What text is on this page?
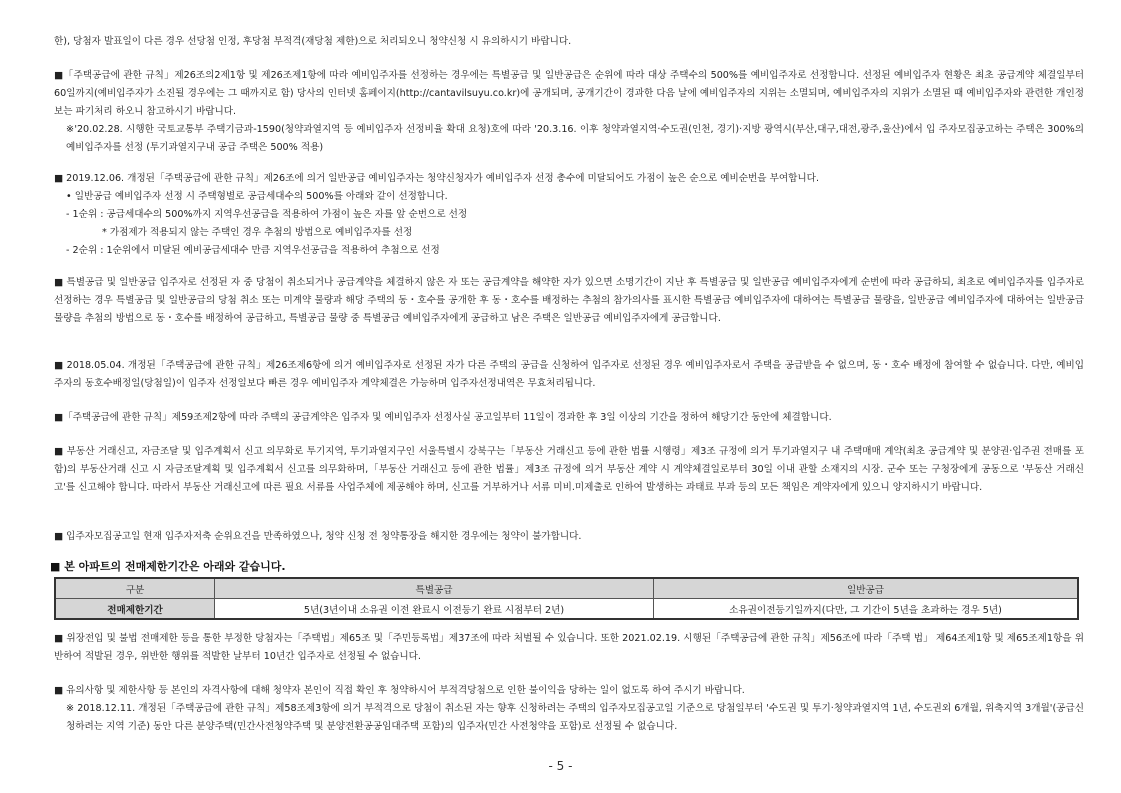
한), 당첨자 발표일이 다른 경우 선당첨 인정, 후당첨 부적격(재당첨 제한)으로 처리되오니 청약신청 시 유의하시기 바랍니다.

■「주택공급에 관한 규칙」제26조의2제1항 및 제26조제1항에 따라 예비입주자를 선정하는 경우에는 특별공급 및 일반공급은 순위에 따라 대상 주택수의 500%를 예비입주자로 선정합니다. 선정된 예비입주자 현황은 최초 공급계약 체결일부터 60일까지(예비입주자가 소진될 경우에는 그 때까지로 함) 당사의 인터넷 홈페이지(http://cantavilsuyu.co.kr)에 공개되며, 공개기간이 경과한 다음 날에 예비입주자의 지위는 소멸되며, 예비입주자의 지위가 소멸된 때 예비입주자와 관련한 개인정보는 파기처리 하오니 참고하시기 바랍니다.

※'20.02.28. 시행한 국토교통부 주택기금과-1590(청약과열지역 등 예비입주자 선정비율 확대 요청)호에 따라 '20.3.16. 이후 청약과열지역·수도권(인천, 경기)·지방 광역시(부산,대구,대전,광주,울산)에서 입 주자모집공고하는 주택은 300%의 예비입주자를 선정 (투기과열지구내 공급 주택은 500% 적용)

■ 2019.12.06. 개정된「주택공급에 관한 규칙」제26조에 의거 일반공급 예비입주자는 청약신청자가 예비입주자 선정 총수에 미달되어도 가점이 높은 순으로 예비순번을 부여합니다.

• 일반공급 예비입주자 선정 시 주택형별로 공급세대수의 500%를 아래와 같이 선정합니다.

- 1순위 : 공급세대수의 500%까지 지역우선공급을 적용하여 가점이 높은 자를 앞 순번으로 선정

* 가점제가 적용되지 않는 주택인 경우 추첨의 방법으로 예비입주자를 선정

- 2순위 : 1순위에서 미달된 예비공급세대수 만큼 지역우선공급을 적용하여 추첨으로 선정

■ 특별공급 및 일반공급 입주자로 선정된 자 중 당첨이 취소되거나 공급계약을 체결하지 않은 자 또는 공급계약을 해약한 자가 있으면 소명기간이 지난 후 특별공급 및 일반공급 예비입주자에게 순번에 따라 공급하되, 최초로 예비입주자를 입주자로 선정하는 경우 특별공급 및 일반공급의 당첨 취소 또는 미계약 물량과 해당 주택의 동・호수를 공개한 후 동・호수를 배정하는 추첨의 참가의사를 표시한 특별공급 예비입주자에 대하여는 특별공급 물량을, 일반공급 예비입주자에 대하여는 일반공급 물량을 추첨의 방법으로 동・호수를 배정하여 공급하고, 특별공급 물량 중 특별공급 예비입주자에게 공급하고 남은 주택은 일반공급 예비입주자에게 공급합니다.

■ 2018.05.04. 개정된「주택공급에 관한 규칙」제26조제6항에 의거 예비입주자로 선정된 자가 다른 주택의 공급을 신청하여 입주자로 선정된 경우 예비입주자로서 주택을 공급받을 수 없으며, 동・호수 배정에 참여할 수 없습니다. 다만, 예비입주자의 동호수배정일(당첨일)이 입주자 선정일보다 빠른 경우 예비입주자 계약체결은 가능하며 입주자선정내역은 무효처리됩니다.

■「주택공급에 관한 규칙」제59조제2항에 따라 주택의 공급계약은 입주자 및 예비입주자 선정사실 공고일부터 11일이 경과한 후 3일 이상의 기간을 정하여 해당기간 동안에 체결합니다.

■ 부동산 거래신고, 자금조달 및 입주계획서 신고 의무화로 투기지역, 투기과열지구인 서울특별시 강북구는「부동산 거래신고 등에 관한 법률 시행령」제3조 규정에 의거 투기과열지구 내 주택매매 계약(최초 공급계약 및 분양권·입주권 전매를 포함)의 부동산거래 신고 시 자금조달계획 및 입주계획서 신고를 의무화하며,「부동산 거래신고 등에 관한 법률」제3조 규정에 의거 부동산 계약 시 계약체결일로부터 30일 이내 관할 소재지의 시장. 군수 또는 구청장에게 공동으로 '부동산 거래신고'를 신고해야 합니다. 따라서 부동산 거래신고에 따른 필요 서류를 사업주체에 제공해야 하며, 신고를 거부하거나 서류 미비.미제출로 인하여 발생하는 과태료 부과 등의 모든 책임은 계약자에게 있으니 양지하시기 바랍니다.

■ 입주자모집공고일 현재 입주자저축 순위요건을 만족하였으나, 청약 신청 전 청약통장을 해지한 경우에는 청약이 불가합니다.

■ 본 아파트의 전매제한기간은 아래와 같습니다.
구분	특별공급	일반공급
전매제한기간	5년(3년이내 소유권 이전 완료시 이전등기 완료 시점부터 2년)	소유권이전등기일까지(다만, 그 기간이 5년을 초과하는 경우 5년)

■ 위장전입 및 불법 전매제한 등을 통한 부정한 당첨자는「주택법」제65조 및「주민등록법」제37조에 따라 처벌될 수 있습니다. 또한 2021.02.19. 시행된「주택공급에 관한 규칙」제56조에 따라「주택 법」 제64조제1항 및 제65조제1항을 위반하여 적발된 경우, 위반한 행위를 적발한 날부터 10년간 입주자로 선정될 수 없습니다.

■ 유의사항 및 제한사항 등 본인의 자격사항에 대해 청약자 본인이 직접 확인 후 청약하시어 부적격당첨으로 인한 불이익을 당하는 일이 없도록 하여 주시기 바랍니다.

※ 2018.12.11. 개정된「주택공급에 관한 규칙」제58조제3항에 의거 부적격으로 당첨이 취소된 자는 향후 신청하려는 주택의 입주자모집공고일 기준으로 당첨일부터 '수도권 및 투기·청약과열지역 1년, 수도권외 6개월, 위축지역 3개월'(공급신청하려는 지역 기준) 동안 다른 분양주택(민간사전청약주택 및 분양전환공공임대주택 포함)의 입주자(민간 사전청약을 포함)로 선정될 수 없습니다.

- 5 -
